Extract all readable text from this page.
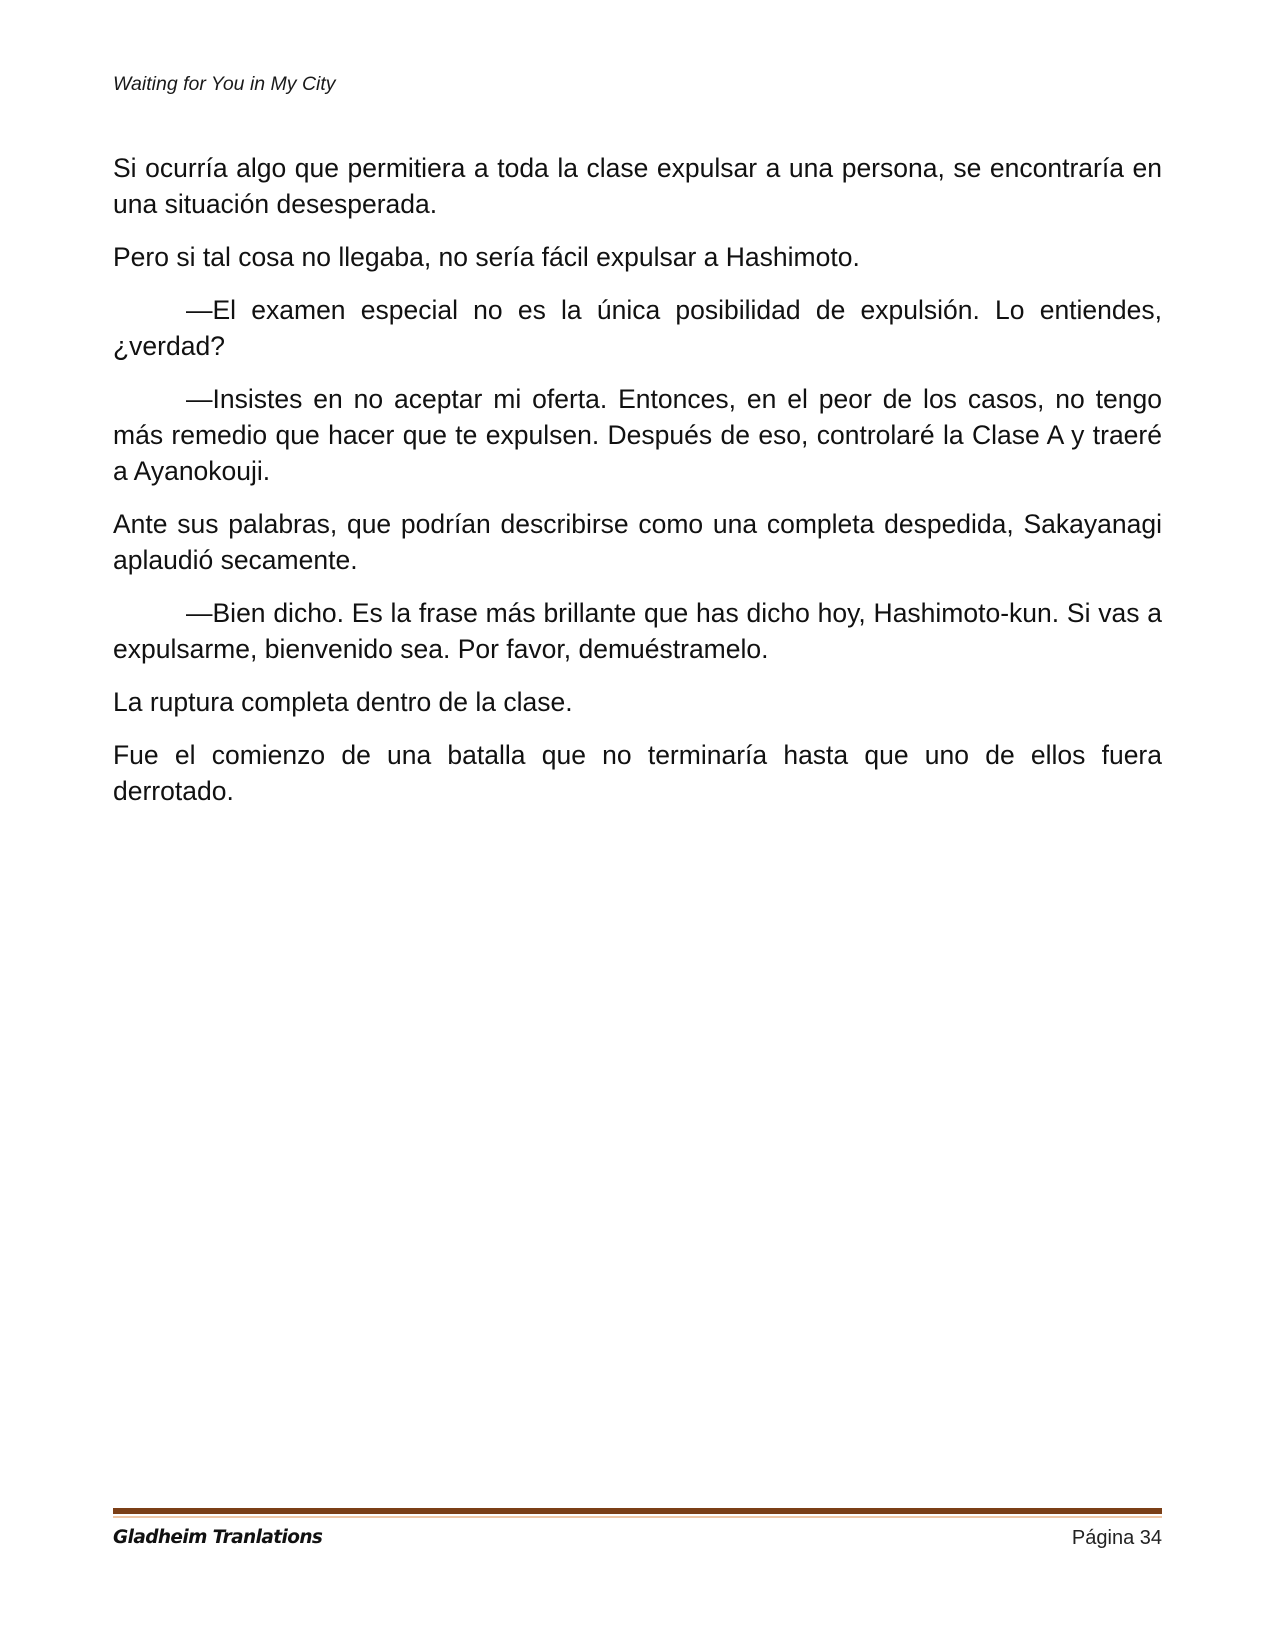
Waiting for You in My City

Si ocurría algo que permitiera a toda la clase expulsar a una persona, se encontraría en una situación desesperada.

Pero si tal cosa no llegaba, no sería fácil expulsar a Hashimoto.

—El examen especial no es la única posibilidad de expulsión. Lo entiendes, ¿verdad?

—Insistes en no aceptar mi oferta. Entonces, en el peor de los casos, no tengo más remedio que hacer que te expulsen. Después de eso, controlaré la Clase A y traeré a Ayanokouji.

Ante sus palabras, que podrían describirse como una completa despedida, Sakayanagi aplaudió secamente.

—Bien dicho. Es la frase más brillante que has dicho hoy, Hashimoto-kun. Si vas a expulsarme, bienvenido sea. Por favor, demuéstramelo.

La ruptura completa dentro de la clase.

Fue el comienzo de una batalla que no terminaría hasta que uno de ellos fuera derrotado.

Gladheim Tranlations	Página 34
